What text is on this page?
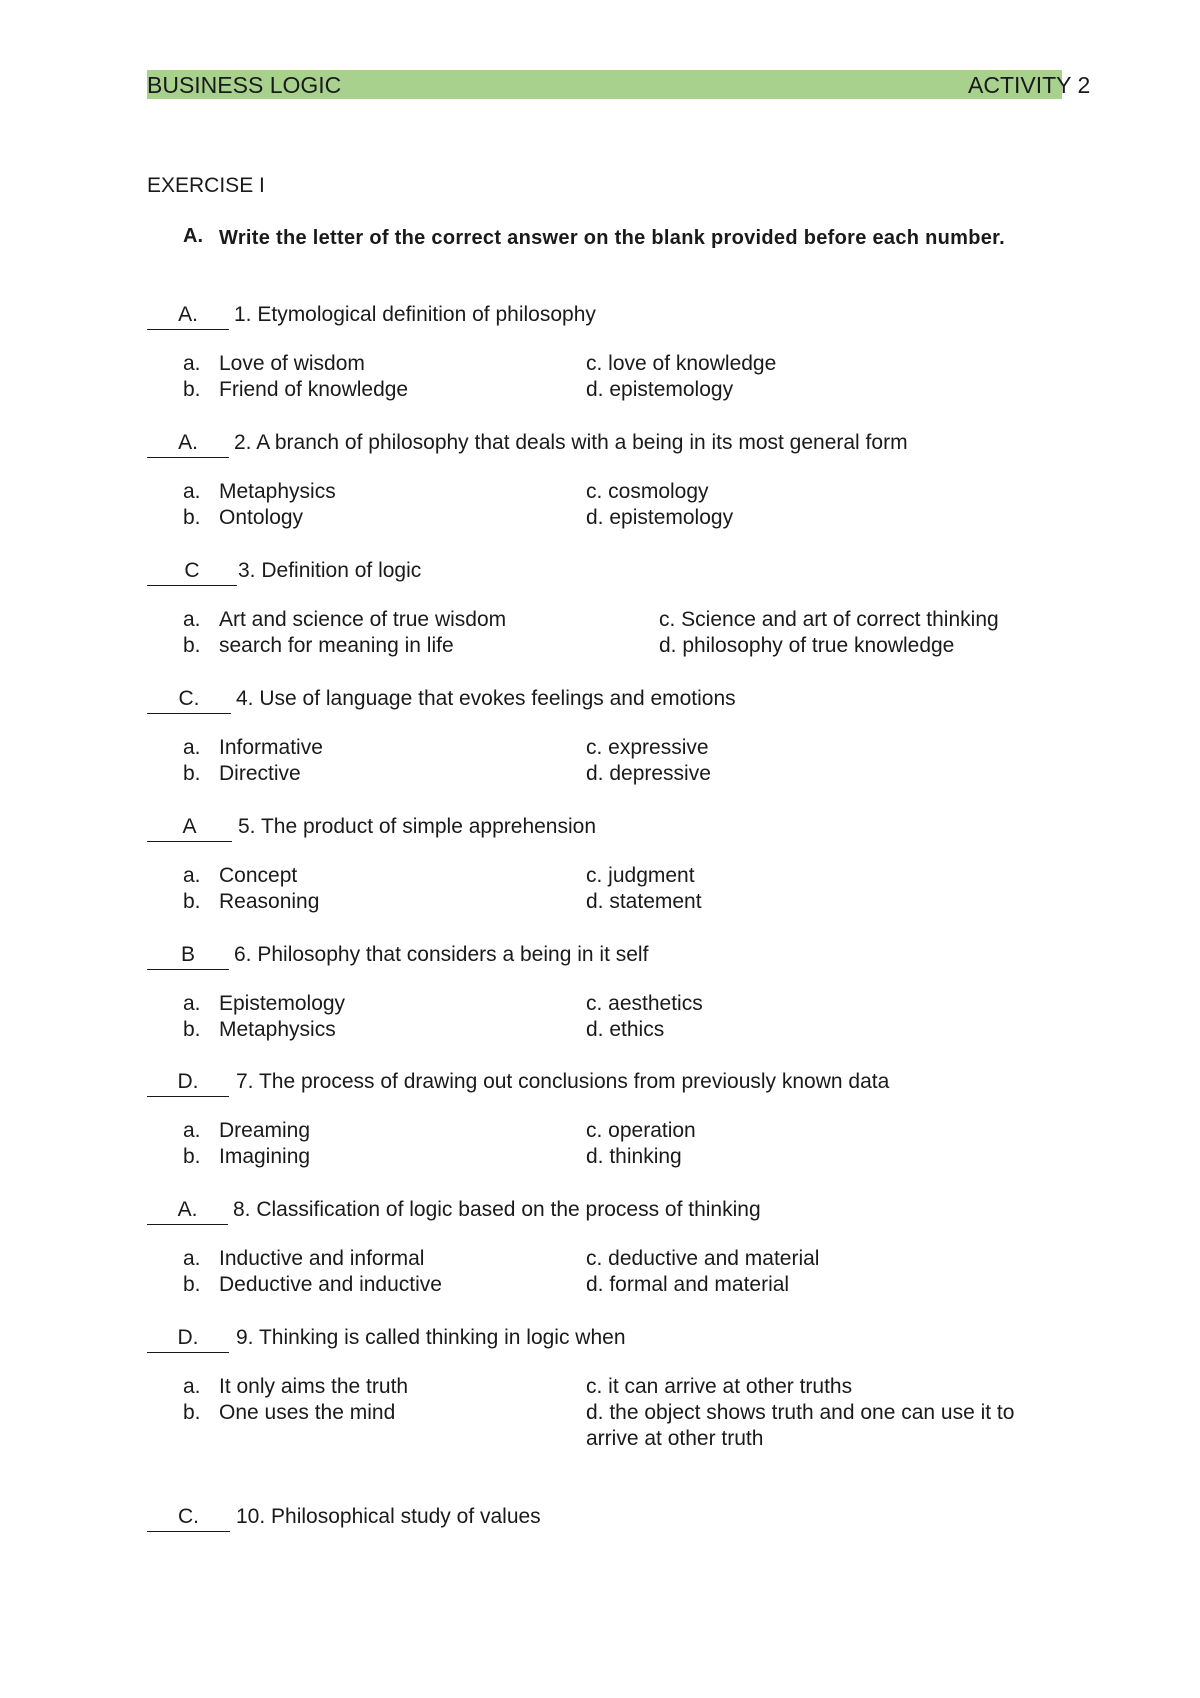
BUSINESS LOGIC	ACTIVITY 2
EXERCISE I
A. Write the letter of the correct answer on the blank provided before each number.
A.	1. Etymological definition of philosophy
a. Love of wisdom	c. love of knowledge
b. Friend of knowledge	d. epistemology
A.	2. A branch of philosophy that deals with a being in its most general form
a. Metaphysics	c. cosmology
b. Ontology	d. epistemology
C	3. Definition of logic
a. Art and science of true wisdom	c. Science and art of correct thinking
b. search for meaning in life	d. philosophy of true knowledge
C.	4. Use of language that evokes feelings and emotions
a. Informative	c. expressive
b. Directive	d. depressive
A	5. The product of simple apprehension
a. Concept	c. judgment
b. Reasoning	d. statement
B	6. Philosophy that considers a being in it self
a. Epistemology	c. aesthetics
b. Metaphysics	d. ethics
D.	7. The process of drawing out conclusions from previously known data
a. Dreaming	c. operation
b. Imagining	d. thinking
A.	8. Classification of logic based on the process of thinking
a. Inductive and informal	c. deductive and material
b. Deductive and inductive	d. formal and material
D.	9. Thinking is called thinking in logic when
a. It only aims the truth	c. it can arrive at other truths
b. One uses the mind	d. the object shows truth and one can use it to
arrive at other truth
C.	10. Philosophical study of values
